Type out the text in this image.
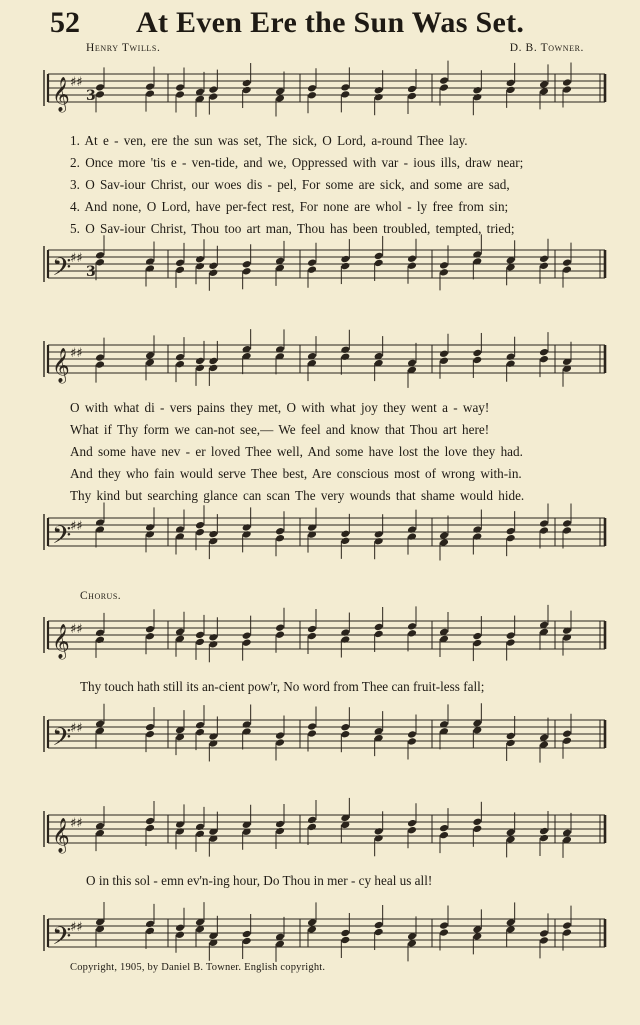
52 At Even Ere the Sun Was Set.
Henry Twills.	D. B. Towner.
𝄞 ♯♯
3
1. At e - ven, ere the sun was set, The sick, O Lord, a-round Thee lay.
2. Once more 'tis e - ven-tide, and we, Oppressed with var - ious ills, draw near;
3. O Sav-iour Christ, our woes dis - pel, For some are sick, and some are sad,
4. And none, O Lord, have per-fect rest, For none are whol - ly free from sin;
5. O Sav-iour Christ, Thou too art man, Thou has been troubled, tempted, tried;
𝄢
♯♯
3
𝄞 ♯♯
O with what di - vers pains they met, O with what joy they went a - way!
What if Thy form we can-not see,— We feel and know that Thou art here!
And some have nev - er loved Thee well, And some have lost the love they had.
And they who fain would serve Thee best, Are conscious most of wrong with-in.
Thy kind but searching glance can scan The very wounds that shame would hide.
𝄢
♯♯
Chorus.
𝄞 ♯♯
Thy touch hath still its an-cient pow'r, No word from Thee can fruit-less fall;
𝄢
♯♯
𝄞 ♯♯
O in this sol - emn ev'n-ing hour, Do Thou in mer - cy heal us all!
𝄢
♯♯
Copyright, 1905, by Daniel B. Towner. English copyright.
